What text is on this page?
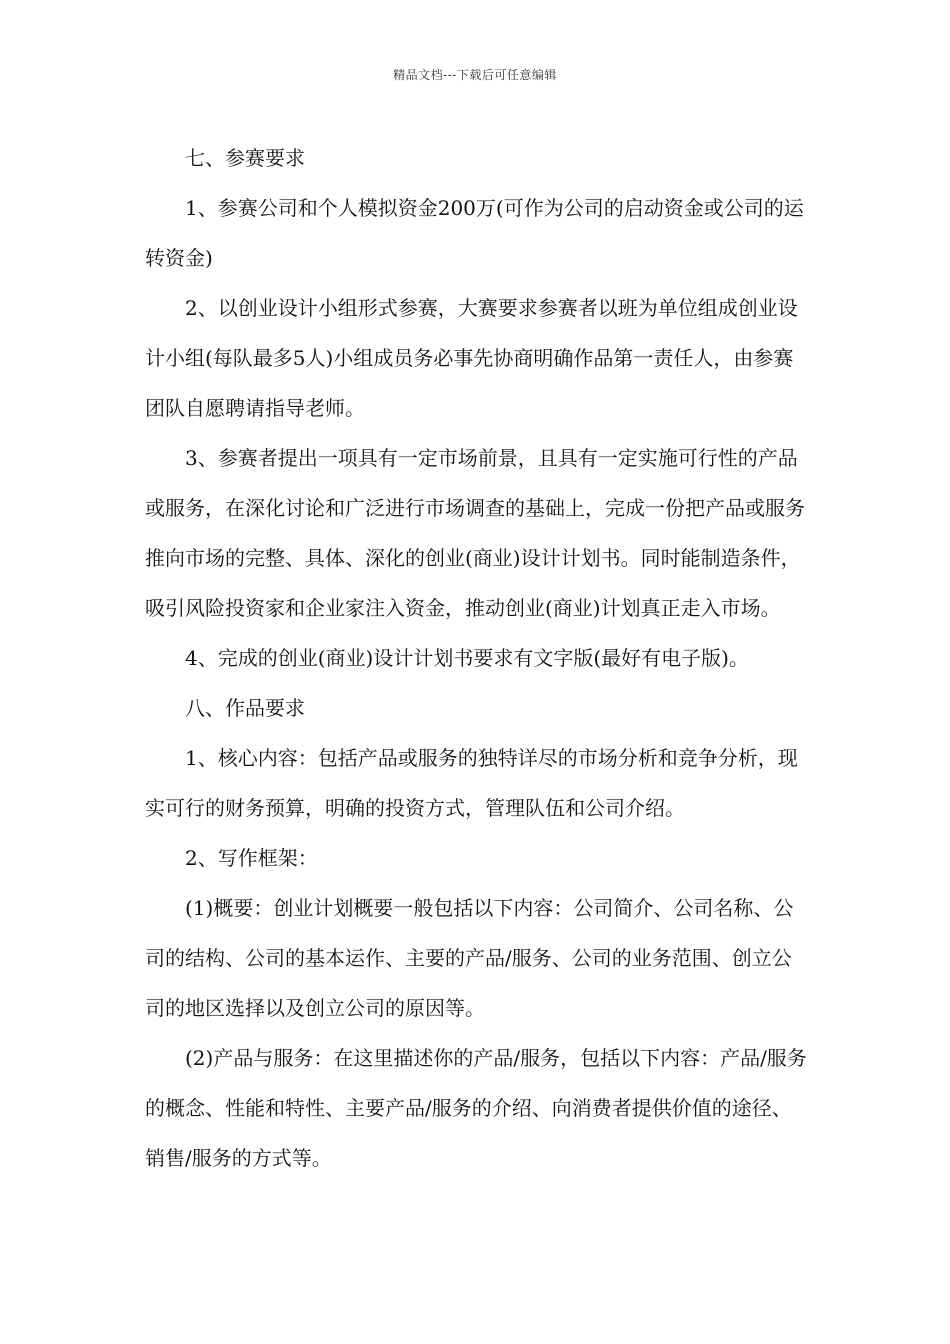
精品文档---下载后可任意编辑

七、参赛要求

1、参赛公司和个人模拟资金200万(可作为公司的启动资金或公司的运转资金)

2、以创业设计小组形式参赛，大赛要求参赛者以班为单位组成创业设计小组(每队最多5人)小组成员务必事先协商明确作品第一责任人，由参赛团队自愿聘请指导老师。

3、参赛者提出一项具有一定市场前景，且具有一定实施可行性的产品或服务，在深化讨论和广泛进行市场调查的基础上，完成一份把产品或服务推向市场的完整、具体、深化的创业(商业)设计计划书。同时能制造条件，吸引风险投资家和企业家注入资金，推动创业(商业)计划真正走入市场。

4、完成的创业(商业)设计计划书要求有文字版(最好有电子版)。

八、作品要求

1、核心内容：包括产品或服务的独特详尽的市场分析和竞争分析，现实可行的财务预算，明确的投资方式，管理队伍和公司介绍。

2、写作框架：

(1)概要：创业计划概要一般包括以下内容：公司简介、公司名称、公司的结构、公司的基本运作、主要的产品/服务、公司的业务范围、创立公司的地区选择以及创立公司的原因等。

(2)产品与服务：在这里描述你的产品/服务，包括以下内容：产品/服务的概念、性能和特性、主要产品/服务的介绍、向消费者提供价值的途径、销售/服务的方式等。
